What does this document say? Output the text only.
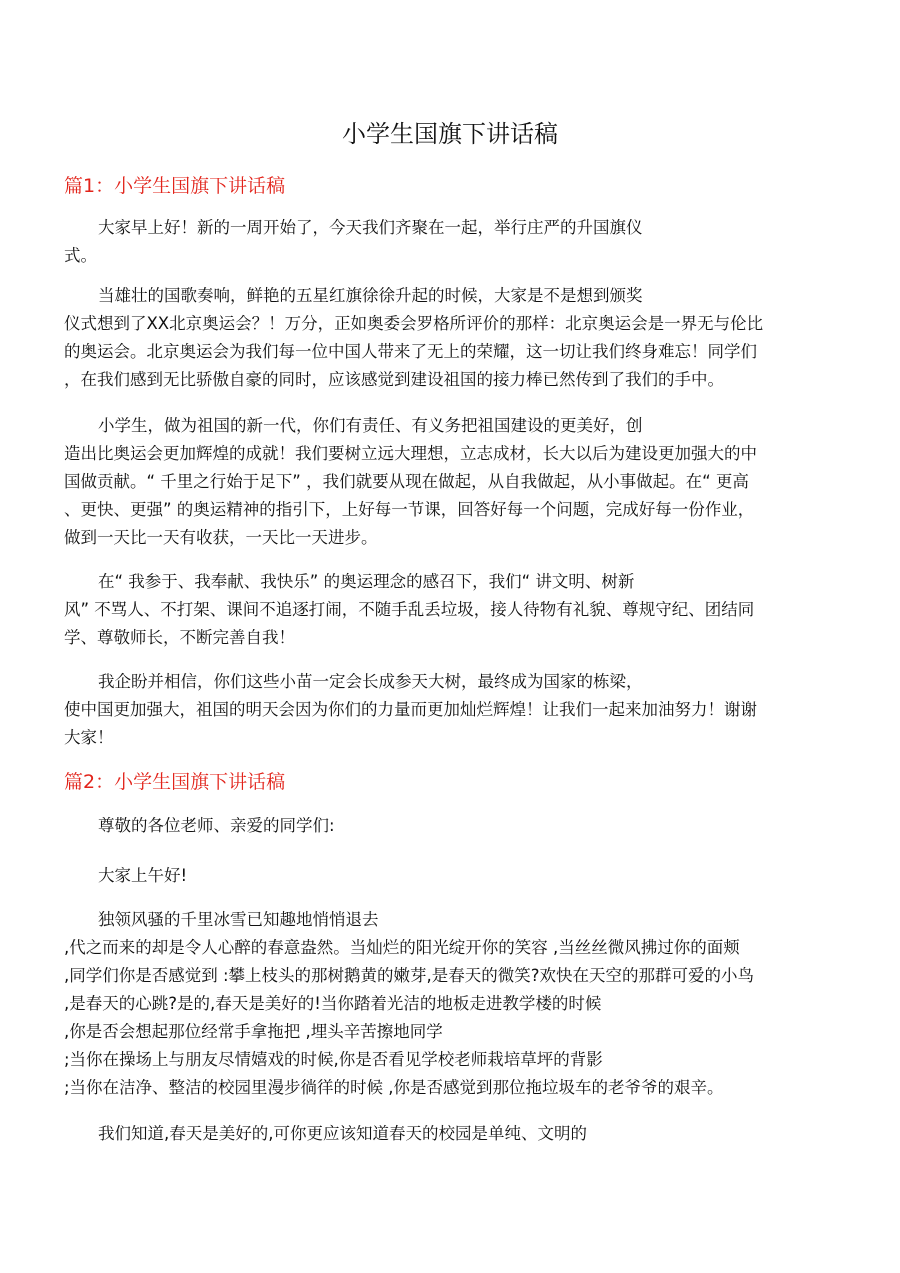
小学生国旗下讲话稿
篇1：小学生国旗下讲话稿
大家早上好！新的一周开始了，今天我们齐聚在一起，举行庄严的升国旗仪
式。
当雄壮的国歌奏响，鲜艳的五星红旗徐徐升起的时候，大家是不是想到颁奖
仪式想到了XX北京奥运会？！万分，正如奥委会罗格所评价的那样：北京奥运会是一界无与伦比
的奥运会。北京奥运会为我们每一位中国人带来了无上的荣耀，这一切让我们终身难忘！同学们
，在我们感到无比骄傲自豪的同时，应该感觉到建设祖国的接力棒已然传到了我们的手中。
小学生，做为祖国的新一代，你们有责任、有义务把祖国建设的更美好，创
造出比奥运会更加辉煌的成就！我们要树立远大理想，立志成材，长大以后为建设更加强大的中
国做贡献。“ 千里之行始于足下” ，我们就要从现在做起，从自我做起，从小事做起。在“ 更高
、更快、更强” 的奥运精神的指引下，上好每一节课，回答好每一个问题，完成好每一份作业，
做到一天比一天有收获，一天比一天进步。
在“ 我参于、我奉献、我快乐” 的奥运理念的感召下，我们“ 讲文明、树新
风” 不骂人、不打架、课间不追逐打闹，不随手乱丢垃圾，接人待物有礼貌、尊规守纪、团结同
学、尊敬师长，不断完善自我！
我企盼并相信，你们这些小苗一定会长成参天大树，最终成为国家的栋梁，
使中国更加强大，祖国的明天会因为你们的力量而更加灿烂辉煌！让我们一起来加油努力！谢谢
大家！
篇2：小学生国旗下讲话稿
尊敬的各位老师、亲爱的同学们:
大家上午好!
独领风骚的千里冰雪已知趣地悄悄退去
,代之而来的却是令人心醉的春意盎然。当灿烂的阳光绽开你的笑容 ,当丝丝微风拂过你的面颊
,同学们你是否感觉到 :攀上枝头的那树鹅黄的嫩芽,是春天的微笑?欢快在天空的那群可爱的小鸟
,是春天的心跳?是的,春天是美好的!当你踏着光洁的地板走进教学楼的时候
,你是否会想起那位经常手拿拖把 ,埋头辛苦擦地同学
;当你在操场上与朋友尽情嬉戏的时候,你是否看见学校老师栽培草坪的背影
;当你在洁净、整洁的校园里漫步徜徉的时候 ,你是否感觉到那位拖垃圾车的老爷爷的艰辛。
我们知道,春天是美好的,可你更应该知道春天的校园是单纯、文明的
